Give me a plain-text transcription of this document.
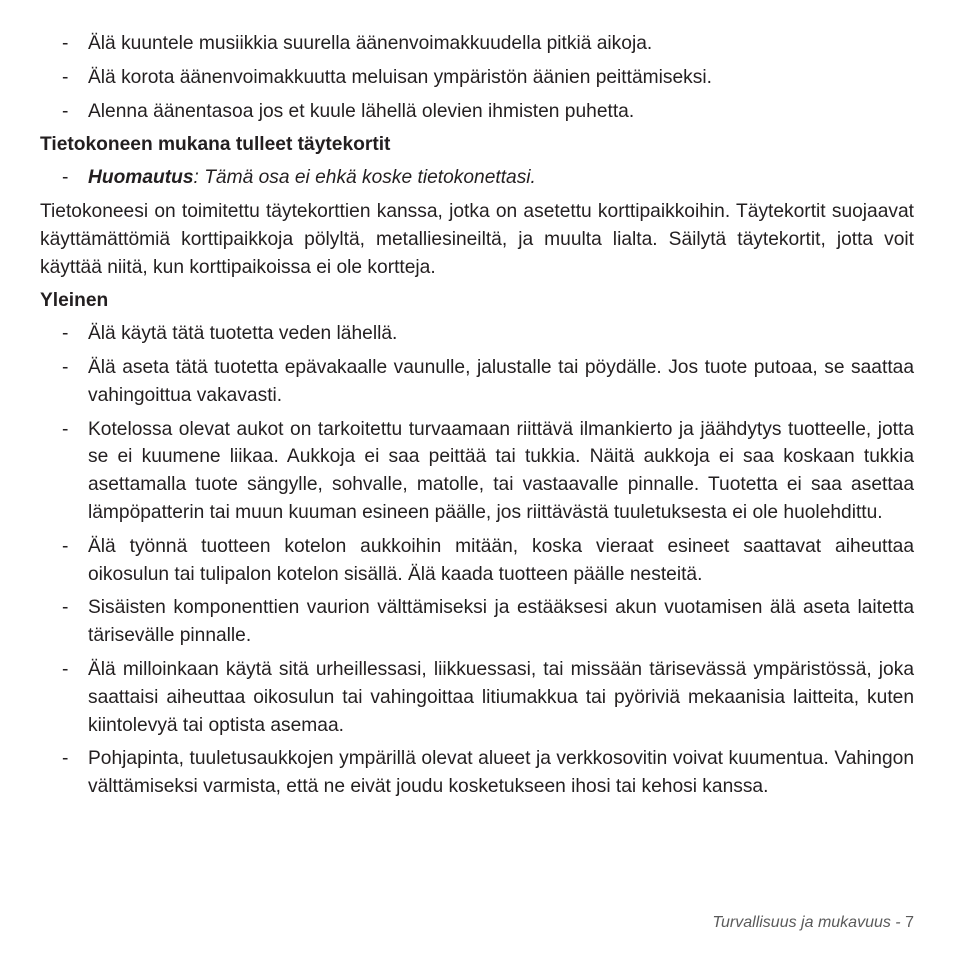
- Älä kuuntele musiikkia suurella äänenvoimakkuudella pitkiä aikoja.
- Älä korota äänenvoimakkuutta meluisan ympäristön äänien peittämiseksi.
- Alenna äänentasoa jos et kuule lähellä olevien ihmisten puhetta.
Tietokoneen mukana tulleet täytekortit
- Huomautus: Tämä osa ei ehkä koske tietokonettasi.

Tietokoneesi on toimitettu täytekorttien kanssa, jotka on asetettu korttipaikkoihin. Täytekortit suojaavat käyttämättömiä korttipaikkoja pölyltä, metalliesineiltä, ja muulta lialta. Säilytä täytekortit, jotta voit käyttää niitä, kun korttipaikoissa ei ole kortteja.

Yleinen
- Älä käytä tätä tuotetta veden lähellä.
- Älä aseta tätä tuotetta epävakaalle vaunulle, jalustalle tai pöydälle. Jos tuote putoaa, se saattaa vahingoittua vakavasti.
- Kotelossa olevat aukot on tarkoitettu turvaamaan riittävä ilmankierto ja jäähdytys tuotteelle, jotta se ei kuumene liikaa. Aukkoja ei saa peittää tai tukkia. Näitä aukkoja ei saa koskaan tukkia asettamalla tuote sängylle, sohvalle, matolle, tai vastaavalle pinnalle. Tuotetta ei saa asettaa lämpöpatterin tai muun kuuman esineen päälle, jos riittävästä tuuletuksesta ei ole huolehdittu.
- Älä työnnä tuotteen kotelon aukkoihin mitään, koska vieraat esineet saattavat aiheuttaa oikosulun tai tulipalon kotelon sisällä. Älä kaada tuotteen päälle nesteitä.
- Sisäisten komponenttien vaurion välttämiseksi ja estääksesi akun vuotamisen älä aseta laitetta tärisevälle pinnalle.
- Älä milloinkaan käytä sitä urheillessasi, liikkuessasi, tai missään tärisevässä ympäristössä, joka saattaisi aiheuttaa oikosulun tai vahingoittaa litiumakkua tai pyöriviä mekaanisia laitteita, kuten kiintolevyä tai optista asemaa.
- Pohjapinta, tuuletusaukkojen ympärillä olevat alueet ja verkkosovitin voivat kuumentua. Vahingon välttämiseksi varmista, että ne eivät joudu kosketukseen ihosi tai kehosi kanssa.
Turvallisuus ja mukavuus - 7
